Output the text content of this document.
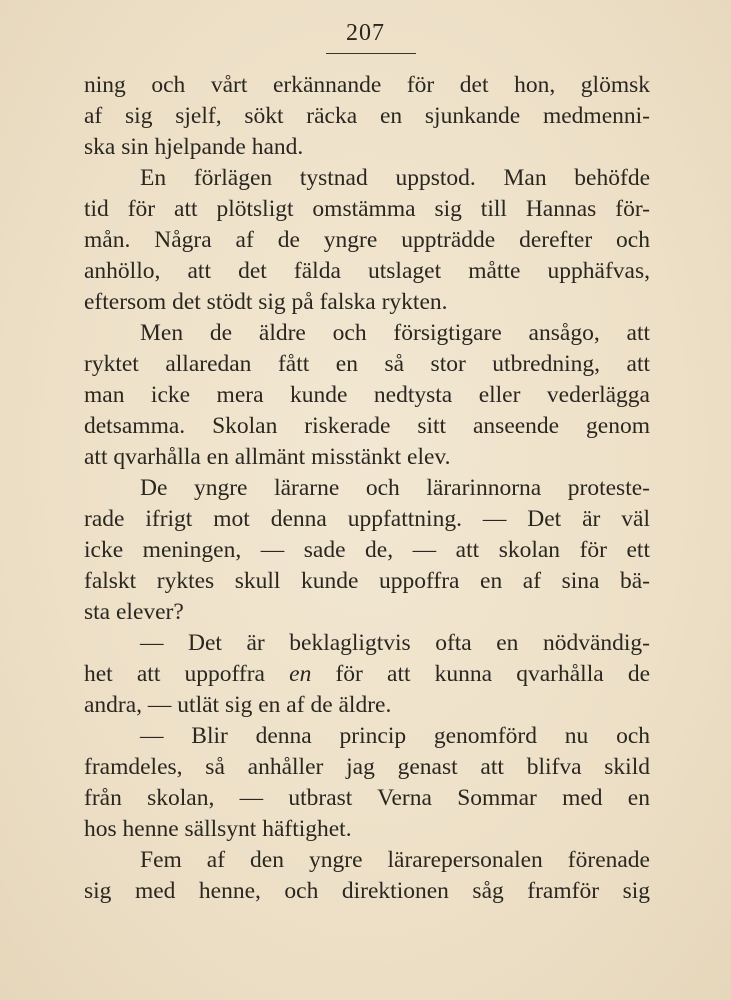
207
ning och vårt erkännande för det hon, glömsk
af sig sjelf, sökt räcka en sjunkande medmenni-
ska sin hjelpande hand.
En förlägen tystnad uppstod. Man behöfde
tid för att plötsligt omstämma sig till Hannas för-
mån. Några af de yngre uppträdde derefter och
anhöllo, att det fälda utslaget måtte upphäfvas,
eftersom det stödt sig på falska rykten.
Men de äldre och försigtigare ansågo, att
ryktet allaredan fått en så stor utbredning, att
man icke mera kunde nedtysta eller vederlägga
detsamma. Skolan riskerade sitt anseende genom
att qvarhålla en allmänt misstänkt elev.
De yngre lärarne och lärarinnorna proteste-
rade ifrigt mot denna uppfattning. — Det är väl
icke meningen, — sade de, — att skolan för ett
falskt ryktes skull kunde uppoffra en af sina bä-
sta elever?
— Det är beklagligtvis ofta en nödvändig-
het att uppoffra en för att kunna qvarhålla de
andra, — utlät sig en af de äldre.
— Blir denna princip genomförd nu och
framdeles, så anhåller jag genast att blifva skild
från skolan, — utbrast Verna Sommar med en
hos henne sällsynt häftighet.
Fem af den yngre lärarepersonalen förenade
sig med henne, och direktionen såg framför sig
